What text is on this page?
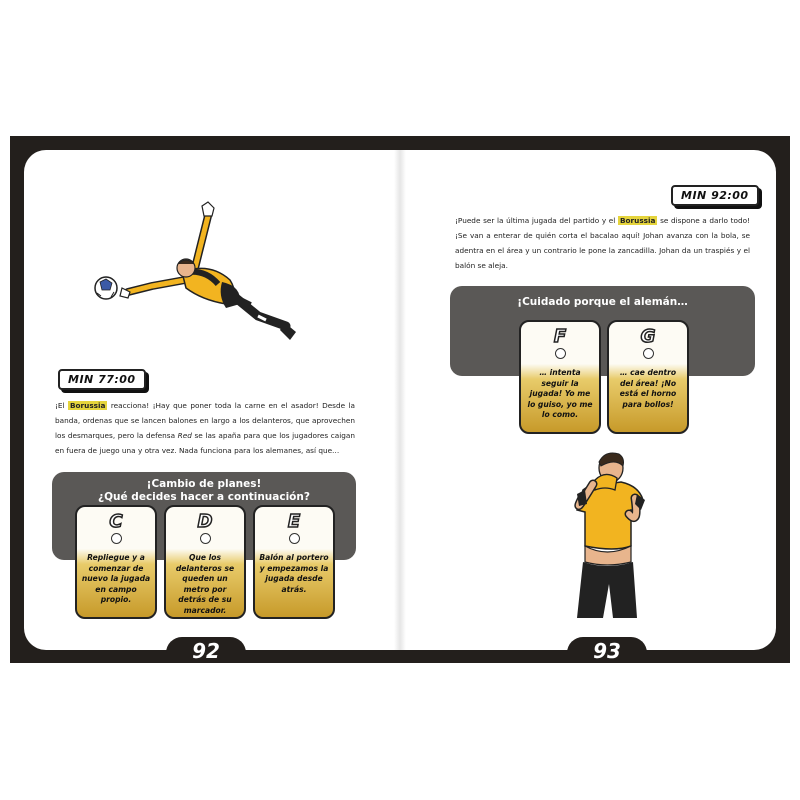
MIN 77:00
¡El Borussia reacciona! ¡Hay que poner toda la carne en el asador! Desde la banda, ordenas que se lancen balones en largo a los delanteros, que aprovechen los desmarques, pero la defensa Red se las apaña para que los jugadores caigan en fuera de juego una y otra vez. Nada funciona para los alemanes, así que…
¡Cambio de planes!
¿Qué decides hacer a continuación?
C
Repliegue y a comenzar de nuevo la jugada en campo propio.
D
Que los delanteros se queden un metro por detrás de su marcador.
E
Balón al portero y empezamos la jugada desde atrás.
92
MIN 92:00
¡Puede ser la última jugada del partido y el Borussia se dispone a darlo todo! ¡Se van a enterar de quién corta el bacalao aquí! Johan avanza con la bola, se adentra en el área y un contrario le pone la zancadilla. Johan da un traspiés y el balón se aleja.
¡Cuidado porque el alemán…
F
… intenta seguir la jugada! Yo me lo guiso, yo me lo como.
G
… cae dentro del área! ¡No está el horno para bollos!
93
